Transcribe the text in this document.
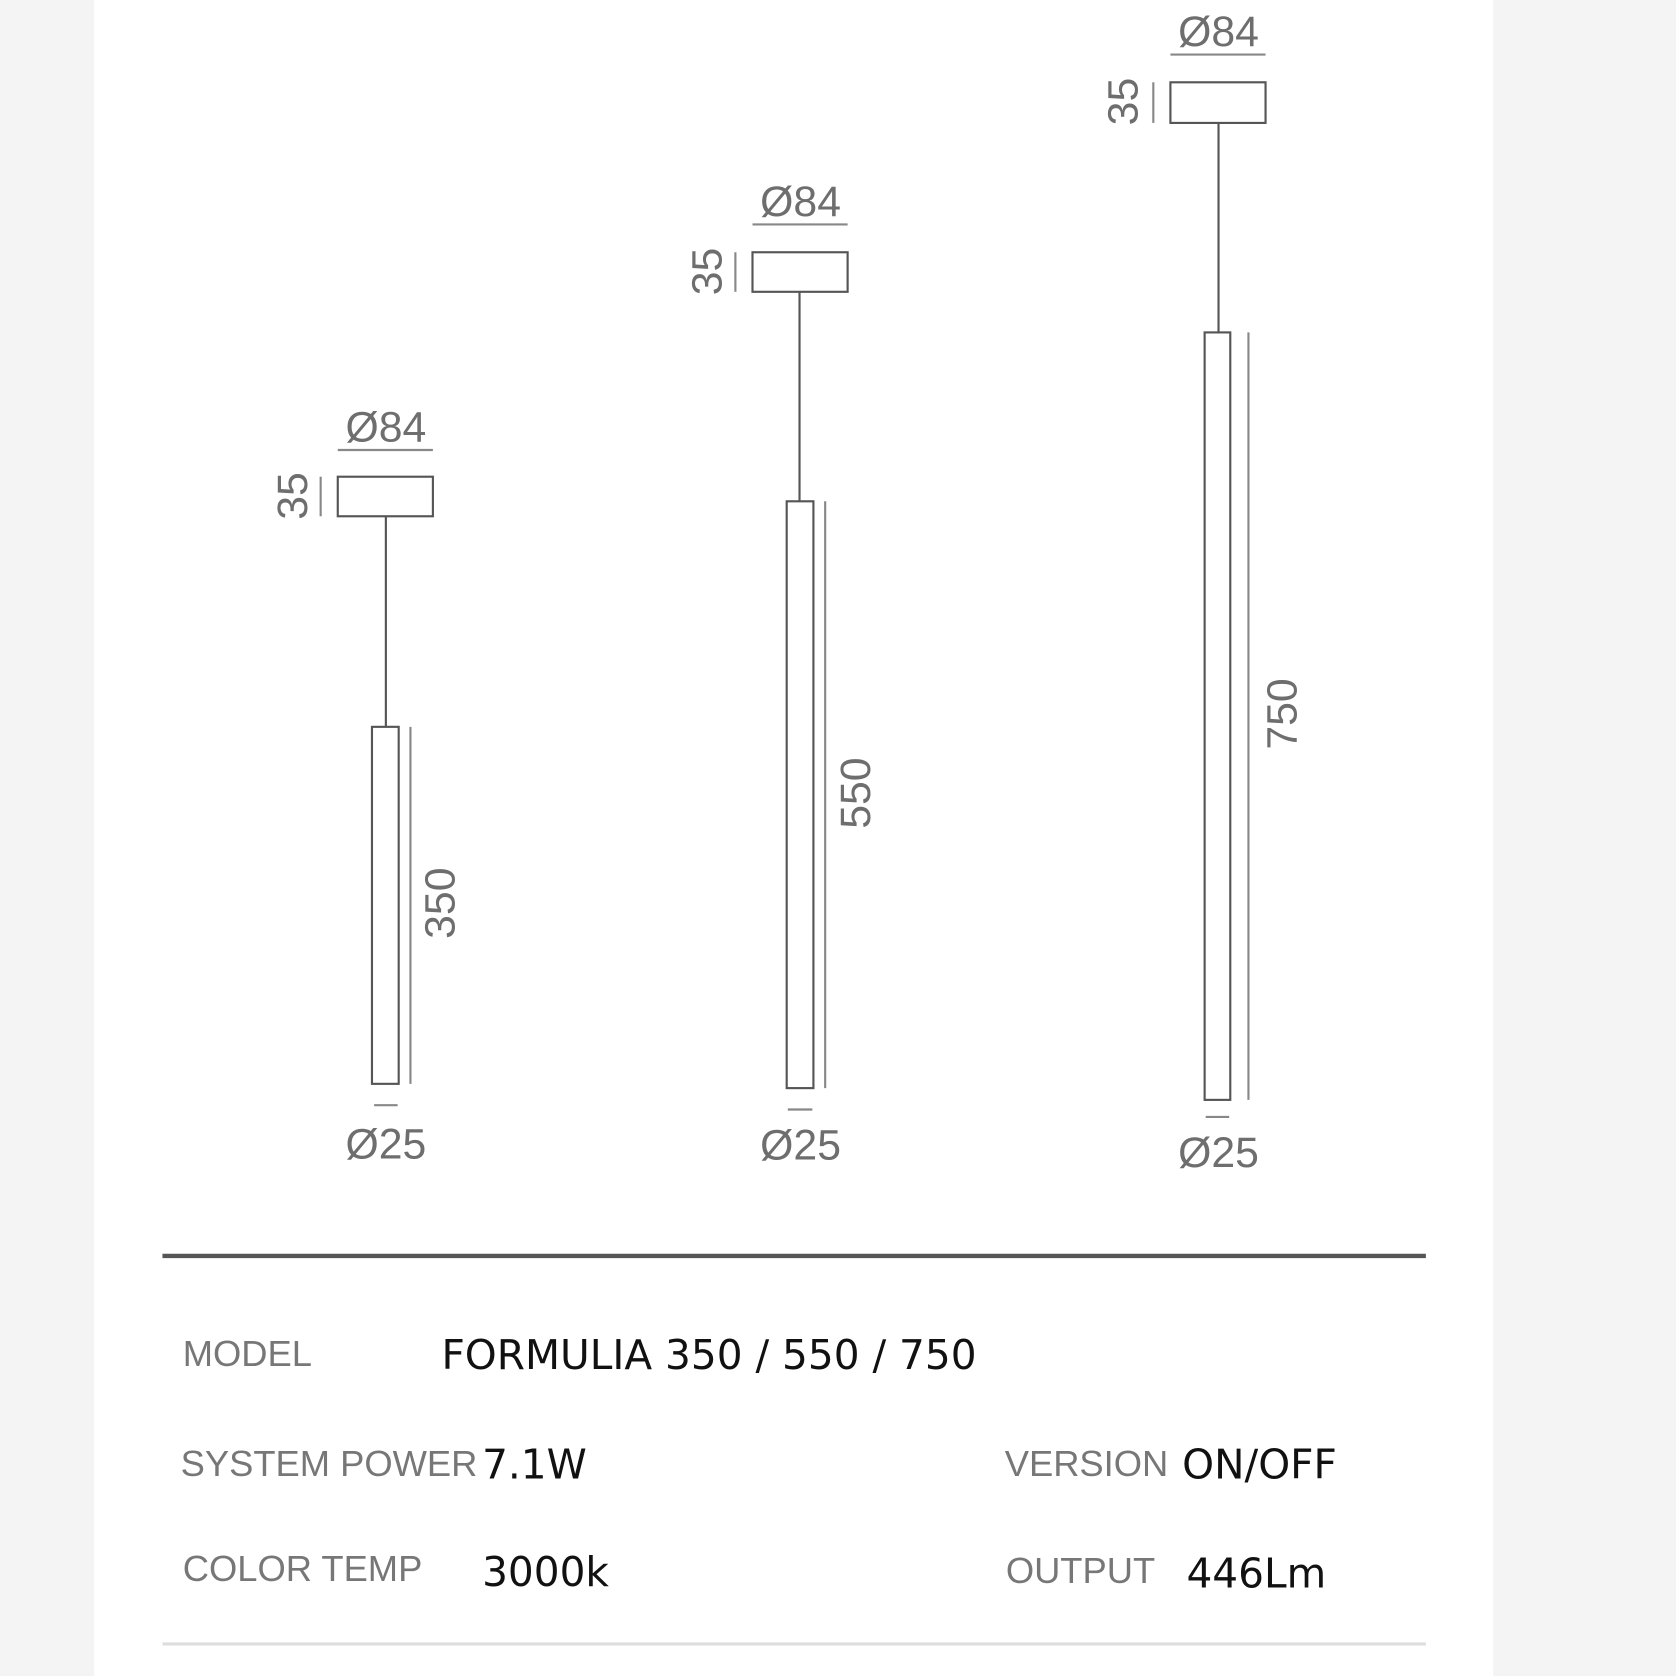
Ø84
35
350
Ø25
Ø84
35
550
Ø25
Ø84
35
750
Ø25
MODEL	FORMULIA 350 / 550 / 750
SYSTEM POWER 7.1W	VERSION ON/OFF
COLOR TEMP 3000k	OUTPUT 446Lm
